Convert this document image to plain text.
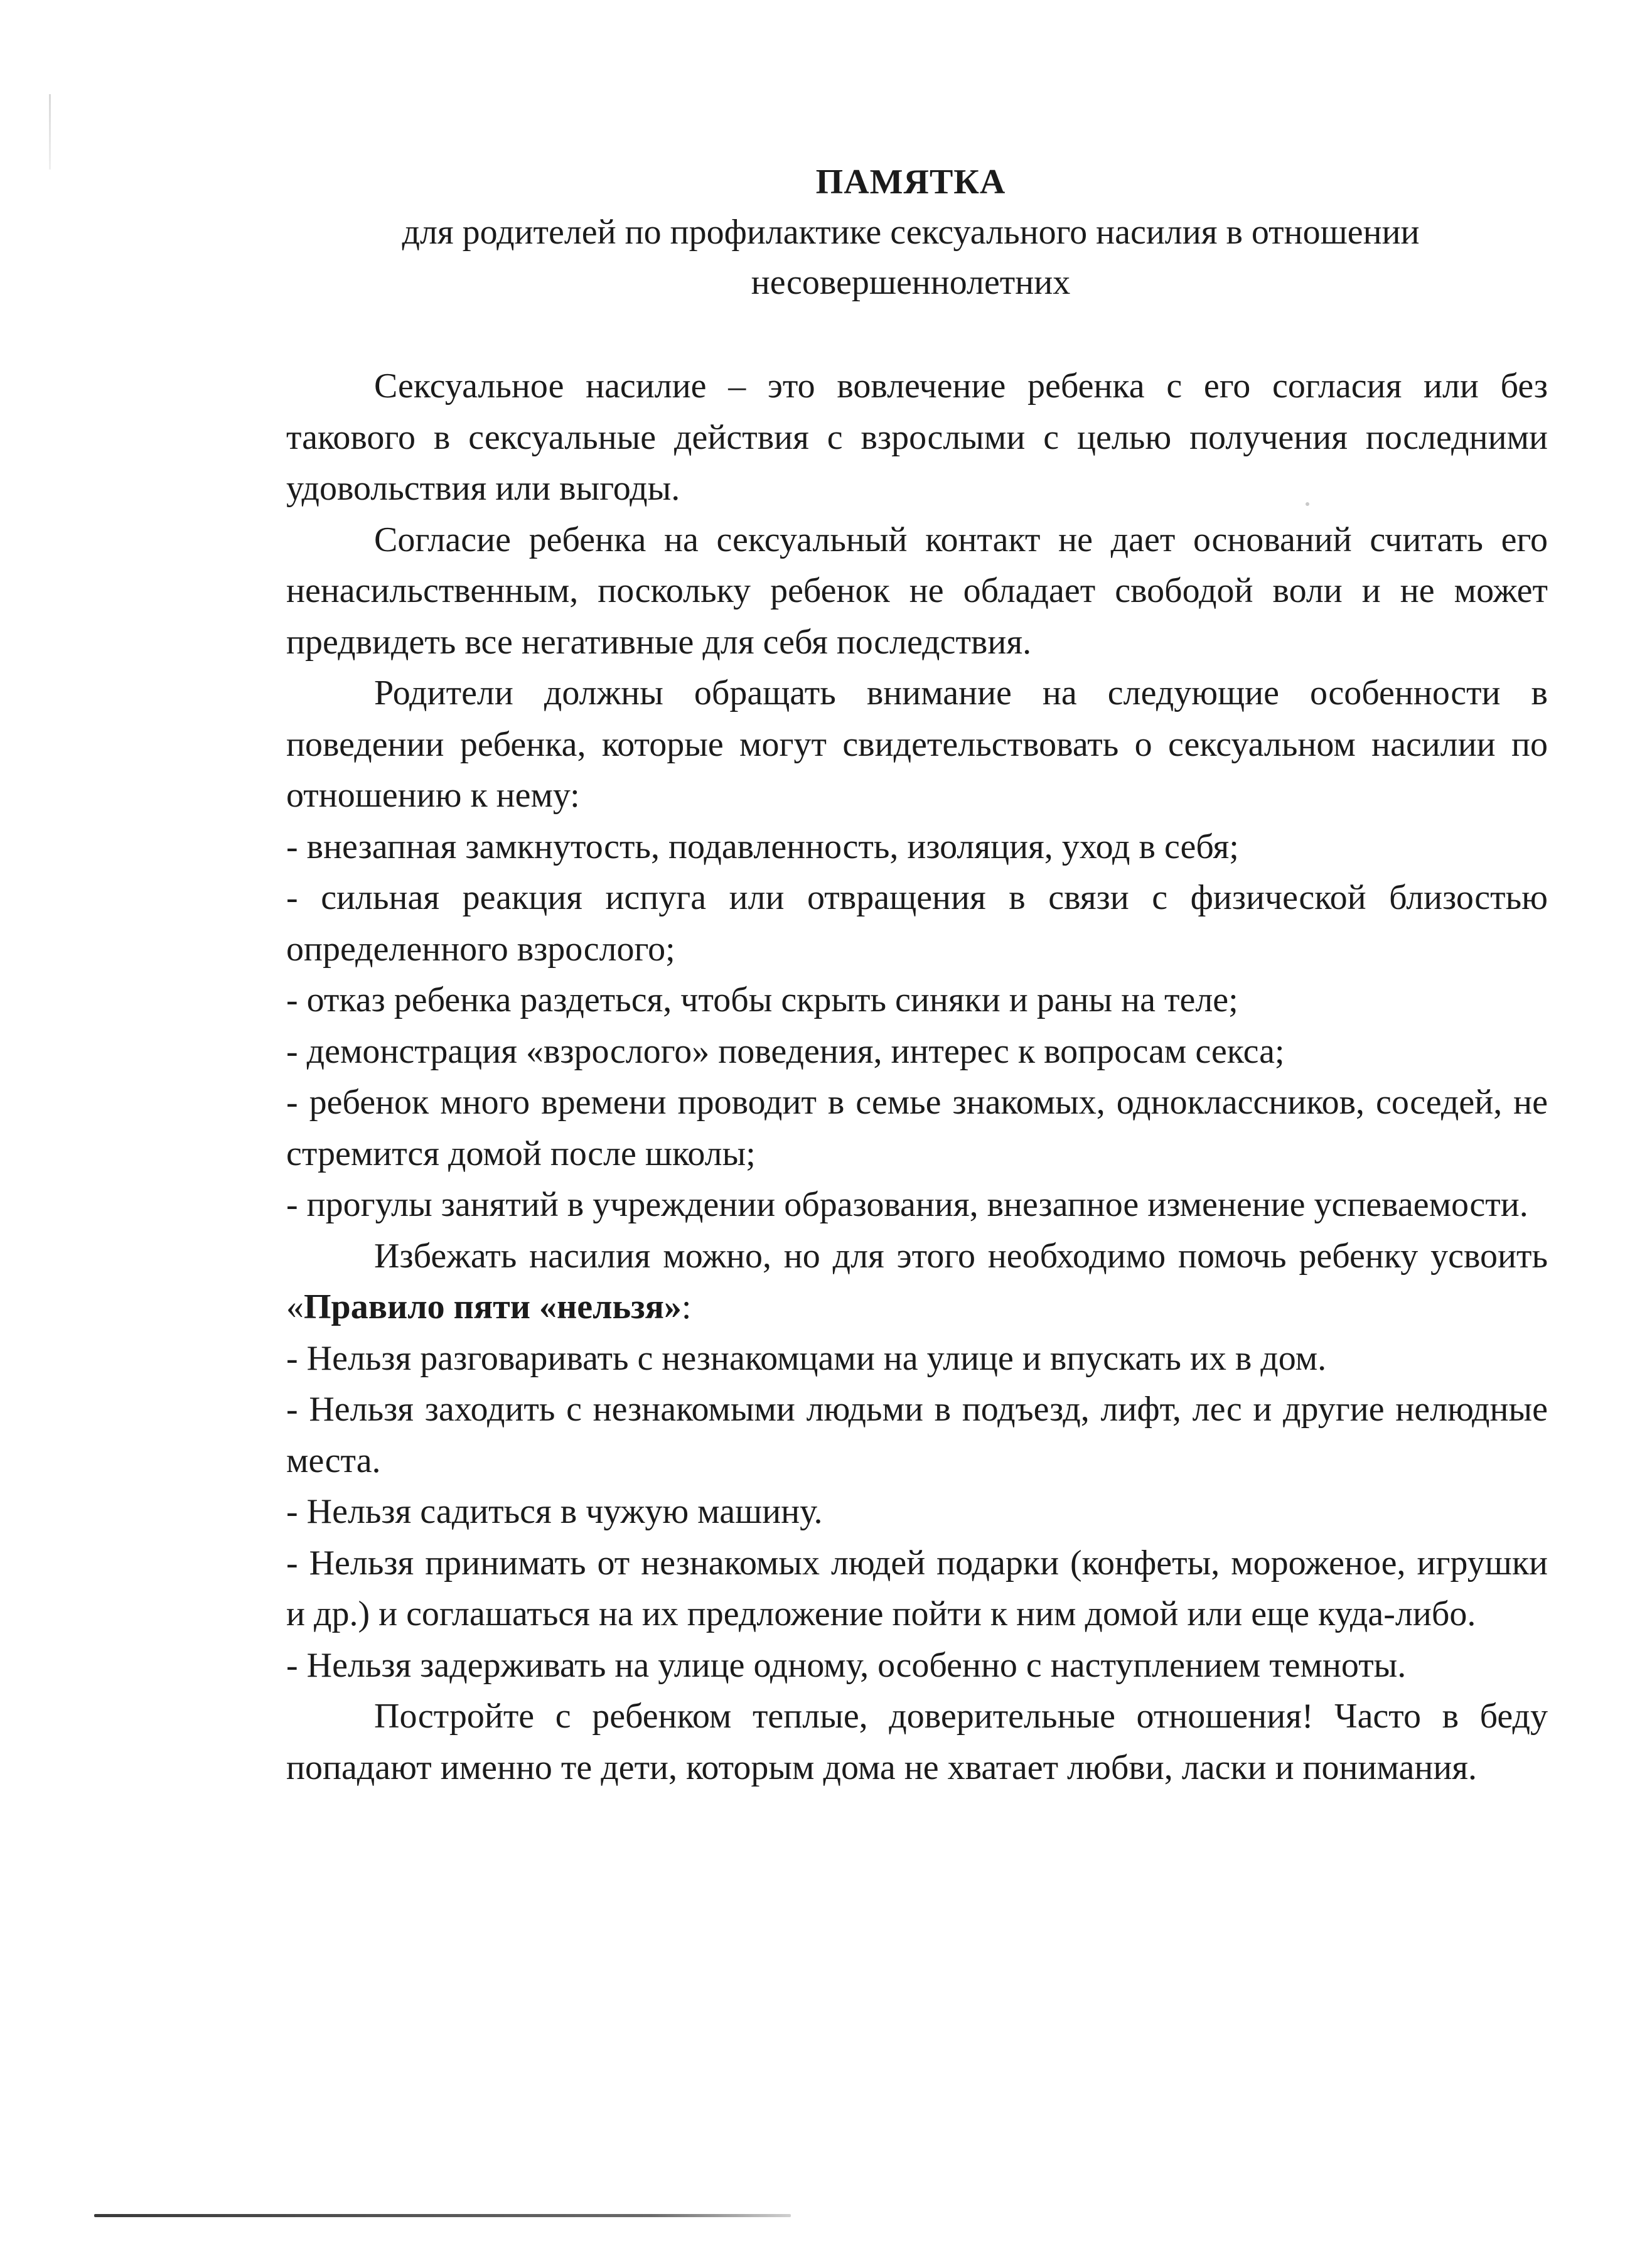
ПАМЯТКА
для родителей по профилактике сексуального насилия в отношении
несовершеннолетних

Сексуальное насилие – это вовлечение ребенка с его согласия или без такового в сексуальные действия с взрослыми с целью получения последними удовольствия или выгоды.

Согласие ребенка на сексуальный контакт не дает оснований считать его ненасильственным, поскольку ребенок не обладает свободой воли и не может предвидеть все негативные для себя последствия.

Родители должны обращать внимание на следующие особенности в поведении ребенка, которые могут свидетельствовать о сексуальном насилии по отношению к нему:

- внезапная замкнутость, подавленность, изоляция, уход в себя;

- сильная реакция испуга или отвращения в связи с физической близостью определенного взрослого;

- отказ ребенка раздеться, чтобы скрыть синяки и раны на теле;

- демонстрация «взрослого» поведения, интерес к вопросам секса;

- ребенок много времени проводит в семье знакомых, одноклассников, соседей, не стремится домой после школы;

- прогулы занятий в учреждении образования, внезапное изменение успеваемости.

Избежать насилия можно, но для этого необходимо помочь ребенку усвоить «Правило пяти «нельзя»:

- Нельзя разговаривать с незнакомцами на улице и впускать их в дом.

- Нельзя заходить с незнакомыми людьми в подъезд, лифт, лес и другие нелюдные места.

- Нельзя садиться в чужую машину.

- Нельзя принимать от незнакомых людей подарки (конфеты, мороженое, игрушки и др.) и соглашаться на их предложение пойти к ним домой или еще куда-либо.

- Нельзя задерживать на улице одному, особенно с наступлением темноты.

Постройте с ребенком теплые, доверительные отношения! Часто в беду попадают именно те дети, которым дома не хватает любви, ласки и понимания.
